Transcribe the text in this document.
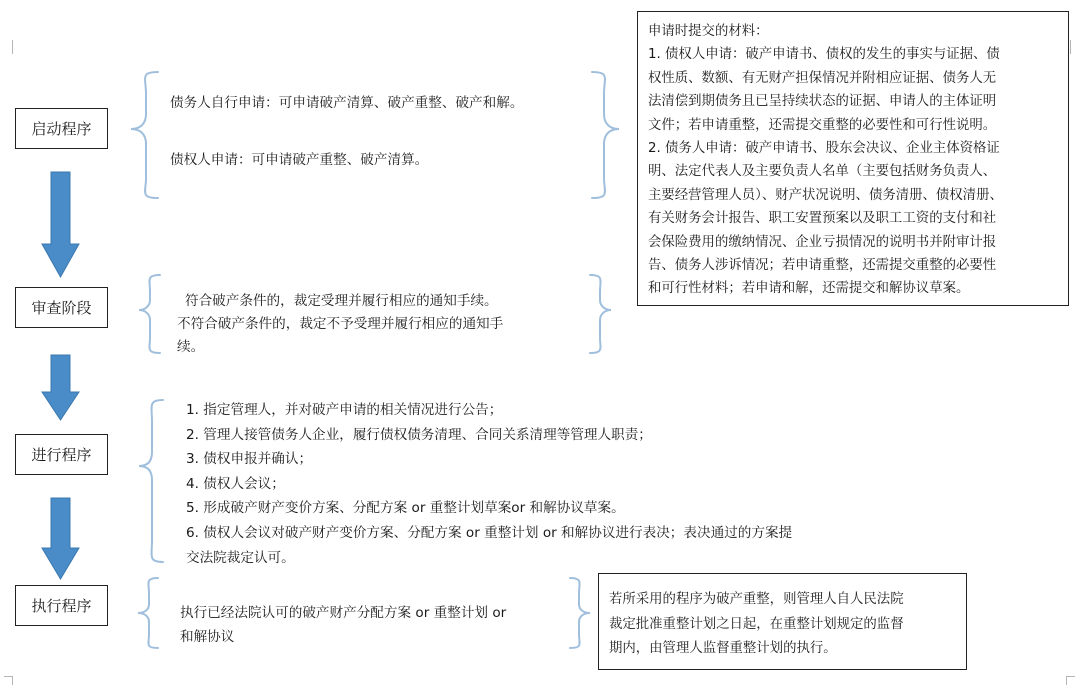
启动程序
审查阶段
进行程序
执行程序

债务人自行申请：可申请破产清算、破产重整、破产和解。

债权人申请：可申请破产重整、破产清算。

符合破产条件的，裁定受理并履行相应的通知手续。

不符合破产条件的，裁定不予受理并履行相应的通知手

续。

1. 指定管理人，并对破产申请的相关情况进行公告；

2. 管理人接管债务人企业，履行债权债务清理、合同关系清理等管理人职责；

3. 债权申报并确认；

4. 债权人会议；

5. 形成破产财产变价方案、分配方案 or 重整计划草案or 和解协议草案。

6. 债权人会议对破产财产变价方案、分配方案 or 重整计划 or 和解协议进行表决；表决通过的方案提

交法院裁定认可。

执行已经法院认可的破产财产分配方案 or 重整计划 or

和解协议

申请时提交的材料：

1. 债权人申请：破产申请书、债权的发生的事实与证据、债

权性质、数额、有无财产担保情况并附相应证据、债务人无

法清偿到期债务且已呈持续状态的证据、申请人的主体证明

文件；若申请重整，还需提交重整的必要性和可行性说明。

2. 债务人申请：破产申请书、股东会决议、企业主体资格证

明、法定代表人及主要负责人名单（主要包括财务负责人、

主要经营管理人员）、财产状况说明、债务清册、债权清册、

有关财务会计报告、职工安置预案以及职工工资的支付和社

会保险费用的缴纳情况、企业亏损情况的说明书并附审计报

告、债务人涉诉情况；若申请重整，还需提交重整的必要性

和可行性材料；若申请和解，还需提交和解协议草案。

若所采用的程序为破产重整，则管理人自人民法院

裁定批准重整计划之日起，在重整计划规定的监督

期内，由管理人监督重整计划的执行。
